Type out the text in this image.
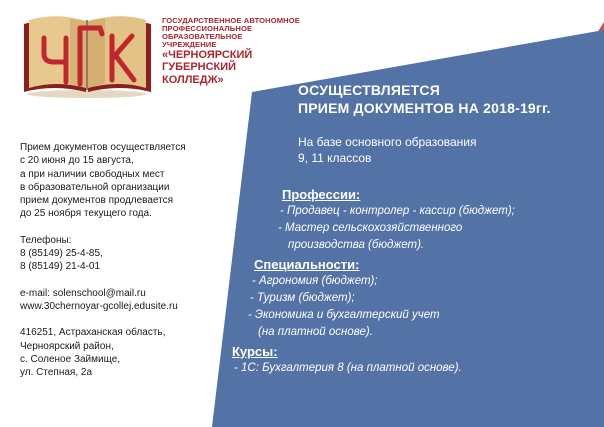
ГОСУДАРСТВЕННОЕ АВТОНОМНОЕ
ПРОФЕССИОНАЛЬНОЕ
ОБРАЗОВАТЕЛЬНОЕ
УЧРЕЖДЕНИЕ
«ЧЕРНОЯРСКИЙ
ГУБЕРНСКИЙ
КОЛЛЕДЖ»
Прием документов осуществляется
с 20 июня до 15 августа,
а при наличии свободных мест
в образовательной организации
прием документов продлевается
до 25 ноября текущего года.
Телефоны:
8 (85149) 25-4-85,
8 (85149) 21-4-01
e-mail: solenschool@mail.ru
www.30chernoyar-gcollej.edusite.ru
416251, Астраханская область,
Черноярский район,
с. Соленое Займище,
ул. Степная, 2а
ОСУЩЕСТВЛЯЕТСЯ
ПРИЕМ ДОКУМЕНТОВ НА 2018-19гг.
На базе основного образования
9, 11 классов
Профессии:
- Продавец - контролер - кассир (бюджет);
- Мастер сельскохозяйственного
производства (бюджет).
Специальности:
- Агрономия (бюджет);
- Туризм (бюджет);
- Экономика и бухгалтерский учет
(на платной основе).
Курсы:
- 1С: Бухгалтерия 8 (на платной основе).
